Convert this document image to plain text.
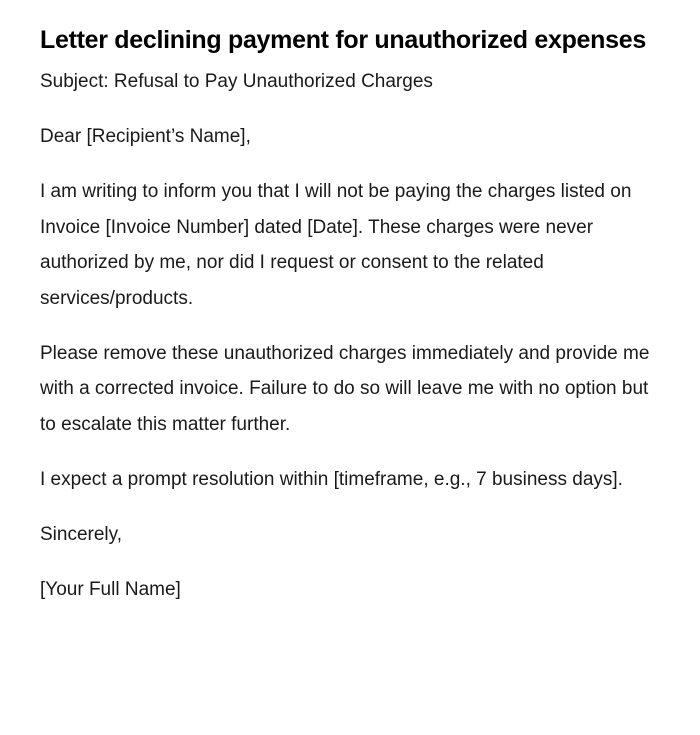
Letter declining payment for unauthorized expenses

Subject: Refusal to Pay Unauthorized Charges

Dear [Recipient’s Name],

I am writing to inform you that I will not be paying the charges listed on Invoice [Invoice Number] dated [Date]. These charges were never authorized by me, nor did I request or consent to the related services/products.

Please remove these unauthorized charges immediately and provide me with a corrected invoice. Failure to do so will leave me with no option but to escalate this matter further.

I expect a prompt resolution within [timeframe, e.g., 7 business days].

Sincerely,

[Your Full Name]
